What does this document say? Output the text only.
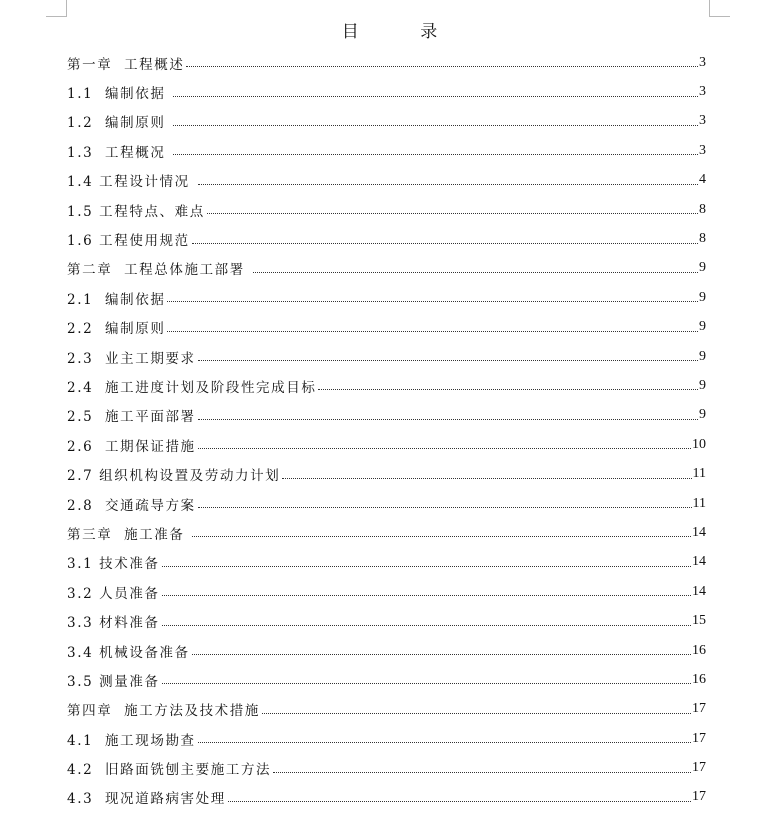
目 录
第一章  工程概述	3
1.1  编制依据	3
1.2  编制原则	3
1.3  工程概况	3
1.4 工程设计情况	4
1.5 工程特点、难点	8
1.6 工程使用规范	8
第二章  工程总体施工部署	9
2.1  编制依据	9
2.2  编制原则	9
2.3  业主工期要求	9
2.4  施工进度计划及阶段性完成目标	9
2.5  施工平面部署	9
2.6  工期保证措施	10
2.7 组织机构设置及劳动力计划	11
2.8  交通疏导方案	11
第三章  施工准备	14
3.1 技术准备	14
3.2 人员准备	14
3.3 材料准备	15
3.4 机械设备准备	16
3.5 测量准备	16
第四章  施工方法及技术措施	17
4.1  施工现场勘查	17
4.2  旧路面铣刨主要施工方法	17
4.3  现况道路病害处理	17
